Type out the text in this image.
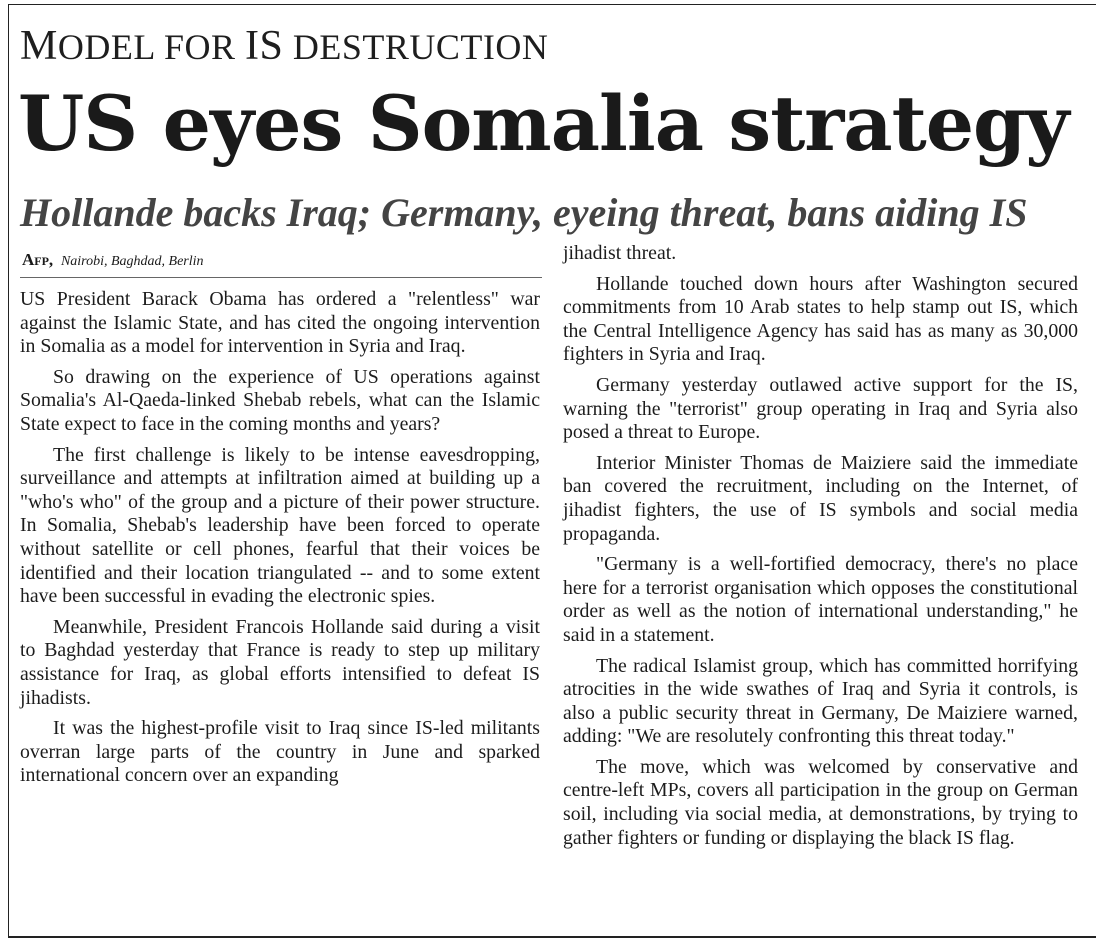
MODEL FOR IS DESTRUCTION
US eyes Somalia strategy
Hollande backs Iraq; Germany, eyeing threat, bans aiding IS
Afp, Nairobi, Baghdad, Berlin

US President Barack Obama has ordered a "relentless" war against the Islamic State, and has cited the ongoing intervention in Somalia as a model for intervention in Syria and Iraq.

So drawing on the experience of US operations against Somalia's Al-Qaeda-linked Shebab rebels, what can the Islamic State expect to face in the coming months and years?

The first challenge is likely to be intense eavesdropping, surveillance and attempts at infiltration aimed at building up a "who's who" of the group and a picture of their power structure. In Somalia, Shebab's leadership have been forced to operate without satellite or cell phones, fearful that their voices be identified and their location triangulated -- and to some extent have been successful in evading the electronic spies.

Meanwhile, President Francois Hollande said during a visit to Baghdad yesterday that France is ready to step up military assistance for Iraq, as global efforts intensified to defeat IS jihadists.

It was the highest-profile visit to Iraq since IS-led militants overran large parts of the country in June and sparked international concern over an expanding

jihadist threat.

Hollande touched down hours after Washington secured commitments from 10 Arab states to help stamp out IS, which the Central Intelligence Agency has said has as many as 30,000 fighters in Syria and Iraq.

Germany yesterday outlawed active support for the IS, warning the "terrorist" group operating in Iraq and Syria also posed a threat to Europe.

Interior Minister Thomas de Maiziere said the immediate ban covered the recruitment, including on the Internet, of jihadist fighters, the use of IS symbols and social media propaganda.

"Germany is a well-fortified democracy, there's no place here for a terrorist organisation which opposes the constitutional order as well as the notion of international understanding," he said in a statement.

The radical Islamist group, which has committed horrifying atrocities in the wide swathes of Iraq and Syria it controls, is also a public security threat in Germany, De Maiziere warned, adding: "We are resolutely confronting this threat today."

The move, which was welcomed by conservative and centre-left MPs, covers all participation in the group on German soil, including via social media, at demonstrations, by trying to gather fighters or funding or displaying the black IS flag.
